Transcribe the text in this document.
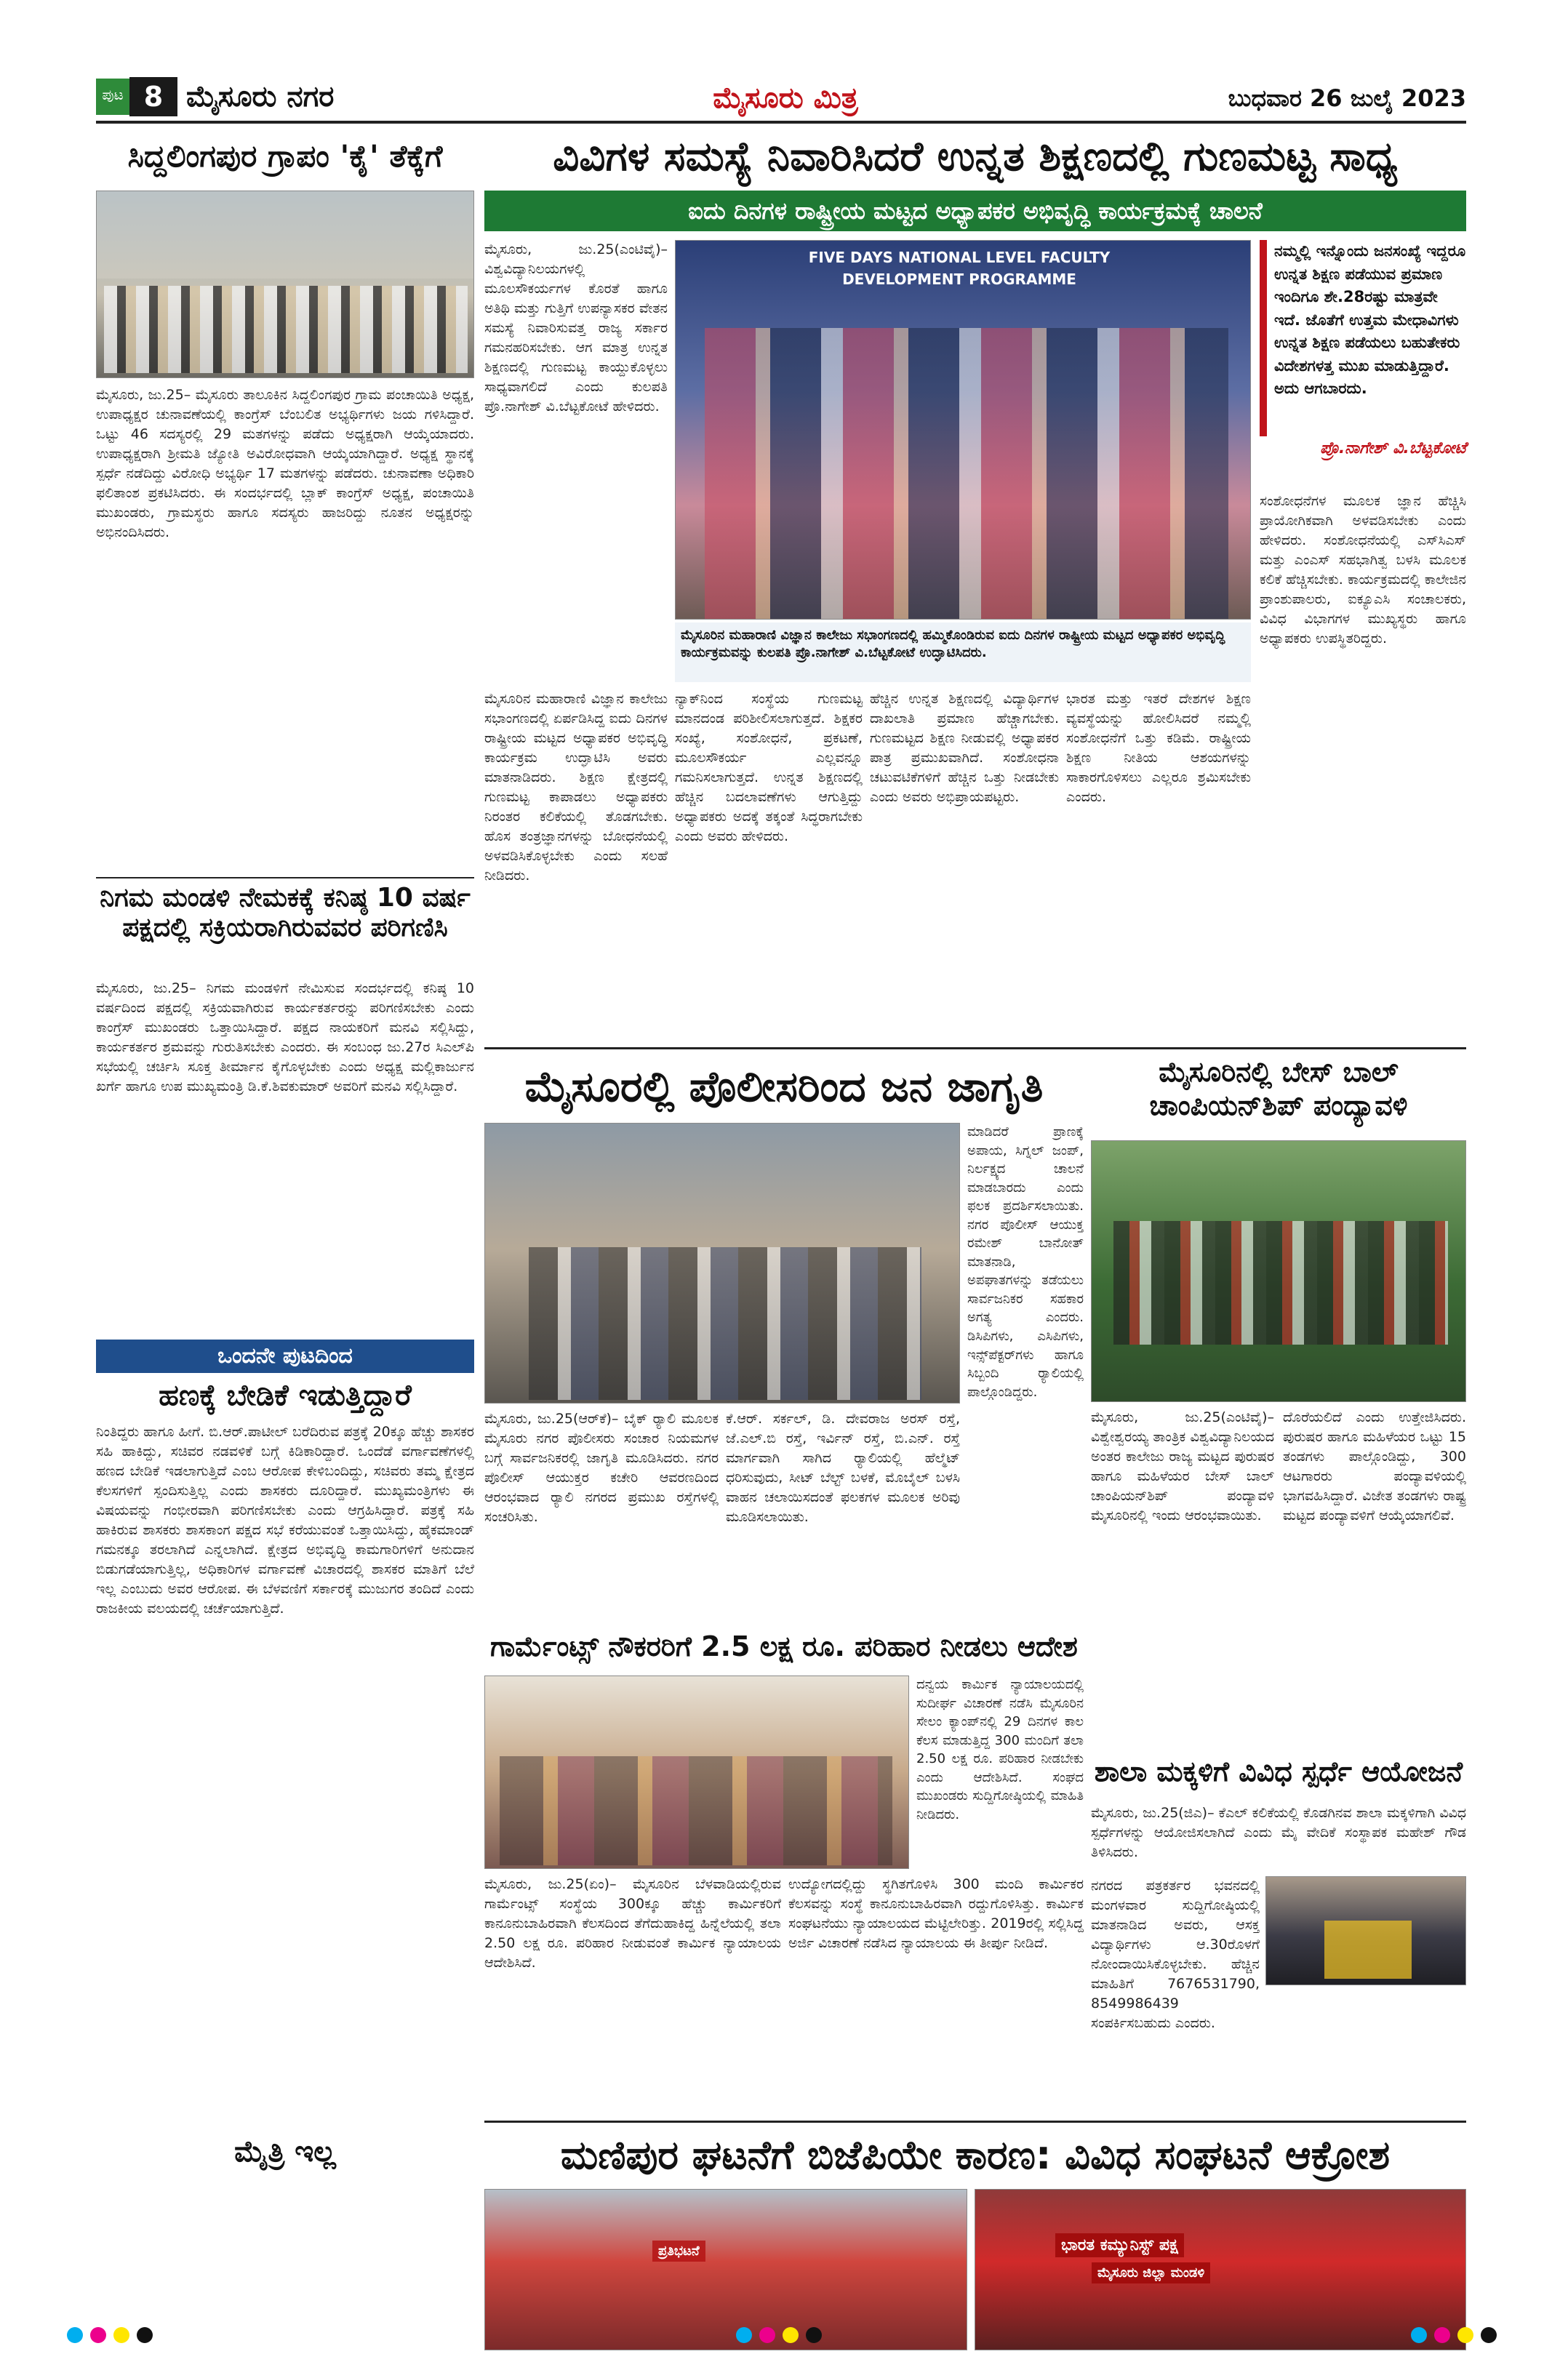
ಪುಟ 8 ಮೈಸೂರು ನಗರ	ಮೈಸೂರು ಮಿತ್ರ	ಬುಧವಾರ 26 ಜುಲೈ 2023
ಸಿದ್ದಲಿಂಗಪುರ ಗ್ರಾಪಂ 'ಕೈ' ತೆಕ್ಕೆಗೆ
ಮೈಸೂರು, ಜು.25– ಮೈಸೂರು ತಾಲೂಕಿನ ಸಿದ್ದಲಿಂಗಪುರ ಗ್ರಾಮ ಪಂಚಾಯಿತಿ ಅಧ್ಯಕ್ಷ, ಉಪಾಧ್ಯಕ್ಷರ ಚುನಾವಣೆಯಲ್ಲಿ ಕಾಂಗ್ರೆಸ್ ಬೆಂಬಲಿತ ಅಭ್ಯರ್ಥಿಗಳು ಜಯ ಗಳಿಸಿದ್ದಾರೆ. ಒಟ್ಟು 46 ಸದಸ್ಯರಲ್ಲಿ 29 ಮತಗಳನ್ನು ಪಡೆದು ಅಧ್ಯಕ್ಷರಾಗಿ ಆಯ್ಕೆಯಾದರು. ಉಪಾಧ್ಯಕ್ಷರಾಗಿ ಶ್ರೀಮತಿ ಜ್ಯೋತಿ ಅವಿರೋಧವಾಗಿ ಆಯ್ಕೆಯಾಗಿದ್ದಾರೆ. ಅಧ್ಯಕ್ಷ ಸ್ಥಾನಕ್ಕೆ ಸ್ಪರ್ಧೆ ನಡೆದಿದ್ದು ವಿರೋಧಿ ಅಭ್ಯರ್ಥಿ 17 ಮತಗಳನ್ನು ಪಡೆದರು. ಚುನಾವಣಾ ಅಧಿಕಾರಿ ಫಲಿತಾಂಶ ಪ್ರಕಟಿಸಿದರು. ಈ ಸಂದರ್ಭದಲ್ಲಿ ಬ್ಲಾಕ್ ಕಾಂಗ್ರೆಸ್ ಅಧ್ಯಕ್ಷ, ಪಂಚಾಯಿತಿ ಮುಖಂಡರು, ಗ್ರಾಮಸ್ಥರು ಹಾಗೂ ಸದಸ್ಯರು ಹಾಜರಿದ್ದು ನೂತನ ಅಧ್ಯಕ್ಷರನ್ನು ಅಭಿನಂದಿಸಿದರು.
ನಿಗಮ ಮಂಡಳಿ ನೇಮಕಕ್ಕೆ ಕನಿಷ್ಠ 10 ವರ್ಷ ಪಕ್ಷದಲ್ಲಿ ಸಕ್ರಿಯರಾಗಿರುವವರ ಪರಿಗಣಿಸಿ
ಮೈಸೂರು, ಜು.25– ನಿಗಮ ಮಂಡಳಿಗೆ ನೇಮಿಸುವ ಸಂದರ್ಭದಲ್ಲಿ ಕನಿಷ್ಠ 10 ವರ್ಷದಿಂದ ಪಕ್ಷದಲ್ಲಿ ಸಕ್ರಿಯವಾಗಿರುವ ಕಾರ್ಯಕರ್ತರನ್ನು ಪರಿಗಣಿಸಬೇಕು ಎಂದು ಕಾಂಗ್ರೆಸ್ ಮುಖಂಡರು ಒತ್ತಾಯಿಸಿದ್ದಾರೆ. ಪಕ್ಷದ ನಾಯಕರಿಗೆ ಮನವಿ ಸಲ್ಲಿಸಿದ್ದು, ಕಾರ್ಯಕರ್ತರ ಶ್ರಮವನ್ನು ಗುರುತಿಸಬೇಕು ಎಂದರು. ಈ ಸಂಬಂಧ ಜು.27ರ ಸಿಎಲ್‌ಪಿ ಸಭೆಯಲ್ಲಿ ಚರ್ಚಿಸಿ ಸೂಕ್ತ ತೀರ್ಮಾನ ಕೈಗೊಳ್ಳಬೇಕು ಎಂದು ಅಧ್ಯಕ್ಷ ಮಲ್ಲಿಕಾರ್ಜುನ ಖರ್ಗೆ ಹಾಗೂ ಉಪ ಮುಖ್ಯಮಂತ್ರಿ ಡಿ.ಕೆ.ಶಿವಕುಮಾರ್ ಅವರಿಗೆ ಮನವಿ ಸಲ್ಲಿಸಿದ್ದಾರೆ.
ಒಂದನೇ ಪುಟದಿಂದ
ಹಣಕ್ಕೆ ಬೇಡಿಕೆ ಇಡುತ್ತಿದ್ದಾರೆ
ನಿಂತಿದ್ದರು ಹಾಗೂ ಹೀಗೆ. ಬಿ.ಆರ್.ಪಾಟೀಲ್ ಬರೆದಿರುವ ಪತ್ರಕ್ಕೆ 20ಕ್ಕೂ ಹೆಚ್ಚು ಶಾಸಕರ ಸಹಿ ಹಾಕಿದ್ದು, ಸಚಿವರ ನಡವಳಿಕೆ ಬಗ್ಗೆ ಕಿಡಿಕಾರಿದ್ದಾರೆ. ಒಂದೆಡೆ ವರ್ಗಾವಣೆಗಳಲ್ಲಿ ಹಣದ ಬೇಡಿಕೆ ಇಡಲಾಗುತ್ತಿದೆ ಎಂಬ ಆರೋಪ ಕೇಳಿಬಂದಿದ್ದು, ಸಚಿವರು ತಮ್ಮ ಕ್ಷೇತ್ರದ ಕೆಲಸಗಳಿಗೆ ಸ್ಪಂದಿಸುತ್ತಿಲ್ಲ ಎಂದು ಶಾಸಕರು ದೂರಿದ್ದಾರೆ. ಮುಖ್ಯಮಂತ್ರಿಗಳು ಈ ವಿಷಯವನ್ನು ಗಂಭೀರವಾಗಿ ಪರಿಗಣಿಸಬೇಕು ಎಂದು ಆಗ್ರಹಿಸಿದ್ದಾರೆ. ಪತ್ರಕ್ಕೆ ಸಹಿ ಹಾಕಿರುವ ಶಾಸಕರು ಶಾಸಕಾಂಗ ಪಕ್ಷದ ಸಭೆ ಕರೆಯುವಂತೆ ಒತ್ತಾಯಿಸಿದ್ದು, ಹೈಕಮಾಂಡ್ ಗಮನಕ್ಕೂ ತರಲಾಗಿದೆ ಎನ್ನಲಾಗಿದೆ. ಕ್ಷೇತ್ರದ ಅಭಿವೃದ್ಧಿ ಕಾಮಗಾರಿಗಳಿಗೆ ಅನುದಾನ ಬಿಡುಗಡೆಯಾಗುತ್ತಿಲ್ಲ, ಅಧಿಕಾರಿಗಳ ವರ್ಗಾವಣೆ ವಿಚಾರದಲ್ಲಿ ಶಾಸಕರ ಮಾತಿಗೆ ಬೆಲೆ ಇಲ್ಲ ಎಂಬುದು ಅವರ ಆರೋಪ. ಈ ಬೆಳವಣಿಗೆ ಸರ್ಕಾರಕ್ಕೆ ಮುಜುಗರ ತಂದಿದೆ ಎಂದು ರಾಜಕೀಯ ವಲಯದಲ್ಲಿ ಚರ್ಚೆಯಾಗುತ್ತಿದೆ.
ಮೈತ್ರಿ ಇಲ್ಲ
ವಿವಿಗಳ ಸಮಸ್ಯೆ ನಿವಾರಿಸಿದರೆ ಉನ್ನತ ಶಿಕ್ಷಣದಲ್ಲಿ ಗುಣಮಟ್ಟ ಸಾಧ್ಯ
ಐದು ದಿನಗಳ ರಾಷ್ಟ್ರೀಯ ಮಟ್ಟದ ಅಧ್ಯಾಪಕರ ಅಭಿವೃದ್ಧಿ ಕಾರ್ಯಕ್ರಮಕ್ಕೆ ಚಾಲನೆ
ಮೈಸೂರು, ಜು.25(ಎಂಟಿವೈ)– ವಿಶ್ವವಿದ್ಯಾನಿಲಯಗಳಲ್ಲಿ ಮೂಲಸೌಕರ್ಯಗಳ ಕೊರತೆ ಹಾಗೂ ಅತಿಥಿ ಮತ್ತು ಗುತ್ತಿಗೆ ಉಪನ್ಯಾಸಕರ ವೇತನ ಸಮಸ್ಯೆ ನಿವಾರಿಸುವತ್ತ ರಾಜ್ಯ ಸರ್ಕಾರ ಗಮನಹರಿಸಬೇಕು. ಆಗ ಮಾತ್ರ ಉನ್ನತ ಶಿಕ್ಷಣದಲ್ಲಿ ಗುಣಮಟ್ಟ ಕಾಯ್ದುಕೊಳ್ಳಲು ಸಾಧ್ಯವಾಗಲಿದೆ ಎಂದು ಕುಲಪತಿ ಪ್ರೊ.ನಾಗೇಶ್ ವಿ.ಬೆಟ್ಟಕೋಟೆ ಹೇಳಿದರು.
FIVE DAYS NATIONAL LEVEL FACULTY DEVELOPMENT PROGRAMME
ಮೈಸೂರಿನ ಮಹಾರಾಣಿ ವಿಜ್ಞಾನ ಕಾಲೇಜು ಸಭಾಂಗಣದಲ್ಲಿ ಹಮ್ಮಿಕೊಂಡಿರುವ ಐದು ದಿನಗಳ ರಾಷ್ಟ್ರೀಯ ಮಟ್ಟದ ಅಧ್ಯಾಪಕರ ಅಭಿವೃದ್ಧಿ ಕಾರ್ಯಕ್ರಮವನ್ನು ಕುಲಪತಿ ಪ್ರೊ.ನಾಗೇಶ್ ವಿ.ಬೆಟ್ಟಕೋಟೆ ಉದ್ಘಾಟಿಸಿದರು.
ನಮ್ಮಲ್ಲಿ ಇನ್ನೊಂದು ಜನಸಂಖ್ಯೆ ಇದ್ದರೂ ಉನ್ನತ ಶಿಕ್ಷಣ ಪಡೆಯುವ ಪ್ರಮಾಣ ಇಂದಿಗೂ ಶೇ.28ರಷ್ಟು ಮಾತ್ರವೇ ಇದೆ. ಜೊತೆಗೆ ಉತ್ತಮ ಮೇಧಾವಿಗಳು ಉನ್ನತ ಶಿಕ್ಷಣ ಪಡೆಯಲು ಬಹುತೇಕರು ವಿದೇಶಗಳತ್ತ ಮುಖ ಮಾಡುತ್ತಿದ್ದಾರೆ. ಅದು ಆಗಬಾರದು.
ಪ್ರೊ.ನಾಗೇಶ್ ವಿ.ಬೆಟ್ಟಕೋಟೆ
ಮೈಸೂರಿನ ಮಹಾರಾಣಿ ವಿಜ್ಞಾನ ಕಾಲೇಜು ಸಭಾಂಗಣದಲ್ಲಿ ಏರ್ಪಡಿಸಿದ್ದ ಐದು ದಿನಗಳ ರಾಷ್ಟ್ರೀಯ ಮಟ್ಟದ ಅಧ್ಯಾಪಕರ ಅಭಿವೃದ್ಧಿ ಕಾರ್ಯಕ್ರಮ ಉದ್ಘಾಟಿಸಿ ಅವರು ಮಾತನಾಡಿದರು. ಶಿಕ್ಷಣ ಕ್ಷೇತ್ರದಲ್ಲಿ ಗುಣಮಟ್ಟ ಕಾಪಾಡಲು ಅಧ್ಯಾಪಕರು ನಿರಂತರ ಕಲಿಕೆಯಲ್ಲಿ ತೊಡಗಬೇಕು. ಹೊಸ ತಂತ್ರಜ್ಞಾನಗಳನ್ನು ಬೋಧನೆಯಲ್ಲಿ ಅಳವಡಿಸಿಕೊಳ್ಳಬೇಕು ಎಂದು ಸಲಹೆ ನೀಡಿದರು.
ನ್ಯಾಕ್‌ನಿಂದ ಸಂಸ್ಥೆಯ ಗುಣಮಟ್ಟ ಮಾನದಂಡ ಪರಿಶೀಲಿಸಲಾಗುತ್ತದೆ. ಶಿಕ್ಷಕರ ಸಂಖ್ಯೆ, ಸಂಶೋಧನೆ, ಪ್ರಕಟಣೆ, ಮೂಲಸೌಕರ್ಯ ಎಲ್ಲವನ್ನೂ ಗಮನಿಸಲಾಗುತ್ತದೆ. ಉನ್ನತ ಶಿಕ್ಷಣದಲ್ಲಿ ಹೆಚ್ಚಿನ ಬದಲಾವಣೆಗಳು ಆಗುತ್ತಿದ್ದು ಅಧ್ಯಾಪಕರು ಅದಕ್ಕೆ ತಕ್ಕಂತೆ ಸಿದ್ಧರಾಗಬೇಕು ಎಂದು ಅವರು ಹೇಳಿದರು.
ಹೆಚ್ಚಿನ ಉನ್ನತ ಶಿಕ್ಷಣದಲ್ಲಿ ವಿದ್ಯಾರ್ಥಿಗಳ ದಾಖಲಾತಿ ಪ್ರಮಾಣ ಹೆಚ್ಚಾಗಬೇಕು. ಗುಣಮಟ್ಟದ ಶಿಕ್ಷಣ ನೀಡುವಲ್ಲಿ ಅಧ್ಯಾಪಕರ ಪಾತ್ರ ಪ್ರಮುಖವಾಗಿದೆ. ಸಂಶೋಧನಾ ಚಟುವಟಿಕೆಗಳಿಗೆ ಹೆಚ್ಚಿನ ಒತ್ತು ನೀಡಬೇಕು ಎಂದು ಅವರು ಅಭಿಪ್ರಾಯಪಟ್ಟರು.
ಭಾರತ ಮತ್ತು ಇತರೆ ದೇಶಗಳ ಶಿಕ್ಷಣ ವ್ಯವಸ್ಥೆಯನ್ನು ಹೋಲಿಸಿದರೆ ನಮ್ಮಲ್ಲಿ ಸಂಶೋಧನೆಗೆ ಒತ್ತು ಕಡಿಮೆ. ರಾಷ್ಟ್ರೀಯ ಶಿಕ್ಷಣ ನೀತಿಯ ಆಶಯಗಳನ್ನು ಸಾಕಾರಗೊಳಿಸಲು ಎಲ್ಲರೂ ಶ್ರಮಿಸಬೇಕು ಎಂದರು.
ಸಂಶೋಧನೆಗಳ ಮೂಲಕ ಜ್ಞಾನ ಹೆಚ್ಚಿಸಿ ಪ್ರಾಯೋಗಿಕವಾಗಿ ಅಳವಡಿಸಬೇಕು ಎಂದು ಹೇಳಿದರು. ಸಂಶೋಧನೆಯಲ್ಲಿ ಎಸ್‌ಸಿ‌ಎಸ್ ಮತ್ತು ಎಂಎಸ್ ಸಹಭಾಗಿತ್ವ ಬಳಸಿ ಮೂಲಕ ಕಲಿಕೆ ಹೆಚ್ಚಿಸಬೇಕು. ಕಾರ್ಯಕ್ರಮದಲ್ಲಿ ಕಾಲೇಜಿನ ಪ್ರಾಂಶುಪಾಲರು, ಐಕ್ಯೂಎಸಿ ಸಂಚಾಲಕರು, ವಿವಿಧ ವಿಭಾಗಗಳ ಮುಖ್ಯಸ್ಥರು ಹಾಗೂ ಅಧ್ಯಾಪಕರು ಉಪಸ್ಥಿತರಿದ್ದರು.
ಮೈಸೂರಲ್ಲಿ ಪೊಲೀಸರಿಂದ ಜನ ಜಾಗೃತಿ
ಮೈಸೂರು, ಜು.25(ಆರ್‌ಕೆ)– ಬೈಕ್ ರ‍್ಯಾಲಿ ಮೂಲಕ ಮೈಸೂರು ನಗರ ಪೊಲೀಸರು ಸಂಚಾರ ನಿಯಮಗಳ ಬಗ್ಗೆ ಸಾರ್ವಜನಿಕರಲ್ಲಿ ಜಾಗೃತಿ ಮೂಡಿಸಿದರು. ನಗರ ಪೊಲೀಸ್ ಆಯುಕ್ತರ ಕಚೇರಿ ಆವರಣದಿಂದ ಆರಂಭವಾದ ರ‍್ಯಾಲಿ ನಗರದ ಪ್ರಮುಖ ರಸ್ತೆಗಳಲ್ಲಿ ಸಂಚರಿಸಿತು.
ಕೆ.ಆರ್. ಸರ್ಕಲ್, ಡಿ. ದೇವರಾಜ ಅರಸ್ ರಸ್ತೆ, ಜೆ.ಎಲ್.ಬಿ ರಸ್ತೆ, ಇರ್ವಿನ್ ರಸ್ತೆ, ಬಿ.ಎನ್. ರಸ್ತೆ ಮಾರ್ಗವಾಗಿ ಸಾಗಿದ ರ‍್ಯಾಲಿಯಲ್ಲಿ ಹೆಲ್ಮೆಟ್ ಧರಿಸುವುದು, ಸೀಟ್ ಬೆಲ್ಟ್ ಬಳಕೆ, ಮೊಬೈಲ್ ಬಳಸಿ ವಾಹನ ಚಲಾಯಿಸದಂತೆ ಫಲಕಗಳ ಮೂಲಕ ಅರಿವು ಮೂಡಿಸಲಾಯಿತು.
ಮಾಡಿದರೆ ಪ್ರಾಣಕ್ಕೆ ಅಪಾಯ, ಸಿಗ್ನಲ್ ಜಂಪ್, ನಿರ್ಲಕ್ಷ್ಯದ ಚಾಲನೆ ಮಾಡಬಾರದು ಎಂದು ಫಲಕ ಪ್ರದರ್ಶಿಸಲಾಯಿತು. ನಗರ ಪೊಲೀಸ್ ಆಯುಕ್ತ ರಮೇಶ್ ಬಾನೋತ್ ಮಾತನಾಡಿ, ಅಪಘಾತಗಳನ್ನು ತಡೆಯಲು ಸಾರ್ವಜನಿಕರ ಸಹಕಾರ ಅಗತ್ಯ ಎಂದರು. ಡಿಸಿಪಿಗಳು, ಎಸಿಪಿಗಳು, ಇನ್ಸ್‌ಪೆಕ್ಟರ್‌ಗಳು ಹಾಗೂ ಸಿಬ್ಬಂದಿ ರ‍್ಯಾಲಿಯಲ್ಲಿ ಪಾಲ್ಗೊಂಡಿದ್ದರು.
ಮೈಸೂರಿನಲ್ಲಿ ಬೇಸ್ ಬಾಲ್ ಚಾಂಪಿಯನ್‌ಶಿಪ್ ಪಂದ್ಯಾವಳಿ
ಮೈಸೂರು, ಜು.25(ಎಂಟಿವೈ)– ವಿಶ್ವೇಶ್ವರಯ್ಯ ತಾಂತ್ರಿಕ ವಿಶ್ವವಿದ್ಯಾನಿಲಯದ ಅಂತರ ಕಾಲೇಜು ರಾಜ್ಯ ಮಟ್ಟದ ಪುರುಷರ ಹಾಗೂ ಮಹಿಳೆಯರ ಬೇಸ್ ಬಾಲ್ ಚಾಂಪಿಯನ್‌ಶಿಪ್ ಪಂದ್ಯಾವಳಿ ಮೈಸೂರಿನಲ್ಲಿ ಇಂದು ಆರಂಭವಾಯಿತು.
ದೊರೆಯಲಿದೆ ಎಂದು ಉತ್ತೇಜಿಸಿದರು. ಪುರುಷರ ಹಾಗೂ ಮಹಿಳೆಯರ ಒಟ್ಟು 15 ತಂಡಗಳು ಪಾಲ್ಗೊಂಡಿದ್ದು, 300 ಆಟಗಾರರು ಪಂದ್ಯಾವಳಿಯಲ್ಲಿ ಭಾಗವಹಿಸಿದ್ದಾರೆ. ವಿಜೇತ ತಂಡಗಳು ರಾಷ್ಟ್ರ ಮಟ್ಟದ ಪಂದ್ಯಾವಳಿಗೆ ಆಯ್ಕೆಯಾಗಲಿವೆ.
ಗಾರ್ಮೆಂಟ್ಸ್ ನೌಕರರಿಗೆ 2.5 ಲಕ್ಷ ರೂ. ಪರಿಹಾರ ನೀಡಲು ಆದೇಶ
ದನ್ವಯ ಕಾರ್ಮಿಕ ನ್ಯಾಯಾಲಯದಲ್ಲಿ ಸುದೀರ್ಘ ವಿಚಾರಣೆ ನಡೆಸಿ ಮೈಸೂರಿನ ಸೇಲಂ ಕ್ಯಾಂಪ್‌ನಲ್ಲಿ 29 ದಿನಗಳ ಕಾಲ ಕೆಲಸ ಮಾಡುತ್ತಿದ್ದ 300 ಮಂದಿಗೆ ತಲಾ 2.50 ಲಕ್ಷ ರೂ. ಪರಿಹಾರ ನೀಡಬೇಕು ಎಂದು ಆದೇಶಿಸಿದೆ. ಸಂಘದ ಮುಖಂಡರು ಸುದ್ದಿಗೋಷ್ಠಿಯಲ್ಲಿ ಮಾಹಿತಿ ನೀಡಿದರು.
ಮೈಸೂರು, ಜು.25(ಏಂ)– ಮೈಸೂರಿನ ಬೆಳವಾಡಿಯಲ್ಲಿರುವ ಗಾರ್ಮೆಂಟ್ಸ್ ಸಂಸ್ಥೆಯ 300ಕ್ಕೂ ಹೆಚ್ಚು ಕಾರ್ಮಿಕರಿಗೆ ಕಾನೂನುಬಾಹಿರವಾಗಿ ಕೆಲಸದಿಂದ ತೆಗೆದುಹಾಕಿದ್ದ ಹಿನ್ನೆಲೆಯಲ್ಲಿ ತಲಾ 2.50 ಲಕ್ಷ ರೂ. ಪರಿಹಾರ ನೀಡುವಂತೆ ಕಾರ್ಮಿಕ ನ್ಯಾಯಾಲಯ ಆದೇಶಿಸಿದೆ.
ಉದ್ಯೋಗದಲ್ಲಿದ್ದು ಸ್ಥಗಿತಗೊಳಿಸಿ 300 ಮಂದಿ ಕಾರ್ಮಿಕರ ಕೆಲಸವನ್ನು ಸಂಸ್ಥೆ ಕಾನೂನುಬಾಹಿರವಾಗಿ ರದ್ದುಗೊಳಿಸಿತ್ತು. ಕಾರ್ಮಿಕ ಸಂಘಟನೆಯು ನ್ಯಾಯಾಲಯದ ಮೆಟ್ಟಿಲೇರಿತ್ತು. 2019ರಲ್ಲಿ ಸಲ್ಲಿಸಿದ್ದ ಅರ್ಜಿ ವಿಚಾರಣೆ ನಡೆಸಿದ ನ್ಯಾಯಾಲಯ ಈ ತೀರ್ಪು ನೀಡಿದೆ.
ಶಾಲಾ ಮಕ್ಕಳಿಗೆ ವಿವಿಧ ಸ್ಪರ್ಧೆ ಆಯೋಜನೆ
ಮೈಸೂರು, ಜು.25(ಜಿಎ)– ಕೆಎಲ್ ಕಲಿಕೆಯಲ್ಲಿ ಕೊಡಗಿನವ ಶಾಲಾ ಮಕ್ಕಳಿಗಾಗಿ ವಿವಿಧ ಸ್ಪರ್ಧೆಗಳನ್ನು ಆಯೋಜಿಸಲಾಗಿದೆ ಎಂದು ಮೈ ವೇದಿಕೆ ಸಂಸ್ಥಾಪಕ ಮಹೇಶ್ ಗೌಡ ತಿಳಿಸಿದರು.
ನಗರದ ಪತ್ರಕರ್ತರ ಭವನದಲ್ಲಿ ಮಂಗಳವಾರ ಸುದ್ದಿಗೋಷ್ಠಿಯಲ್ಲಿ ಮಾತನಾಡಿದ ಅವರು, ಆಸಕ್ತ ವಿದ್ಯಾರ್ಥಿಗಳು ಆ.30ರೊಳಗೆ ನೋಂದಾಯಿಸಿಕೊಳ್ಳಬೇಕು. ಹೆಚ್ಚಿನ ಮಾಹಿತಿಗೆ 7676531790, 8549986439 ಸಂಪರ್ಕಿಸಬಹುದು ಎಂದರು.
ಮಣಿಪುರ ಘಟನೆಗೆ ಬಿಜೆಪಿಯೇ ಕಾರಣ: ವಿವಿಧ ಸಂಘಟನೆ ಆಕ್ರೋಶ
ಪ್ರತಿಭಟನೆ	ಭಾರತ ಕಮ್ಯುನಿಸ್ಟ್ ಪಕ್ಷ
ಮೈಸೂರು ಜಿಲ್ಲಾ ಮಂಡಳಿ
